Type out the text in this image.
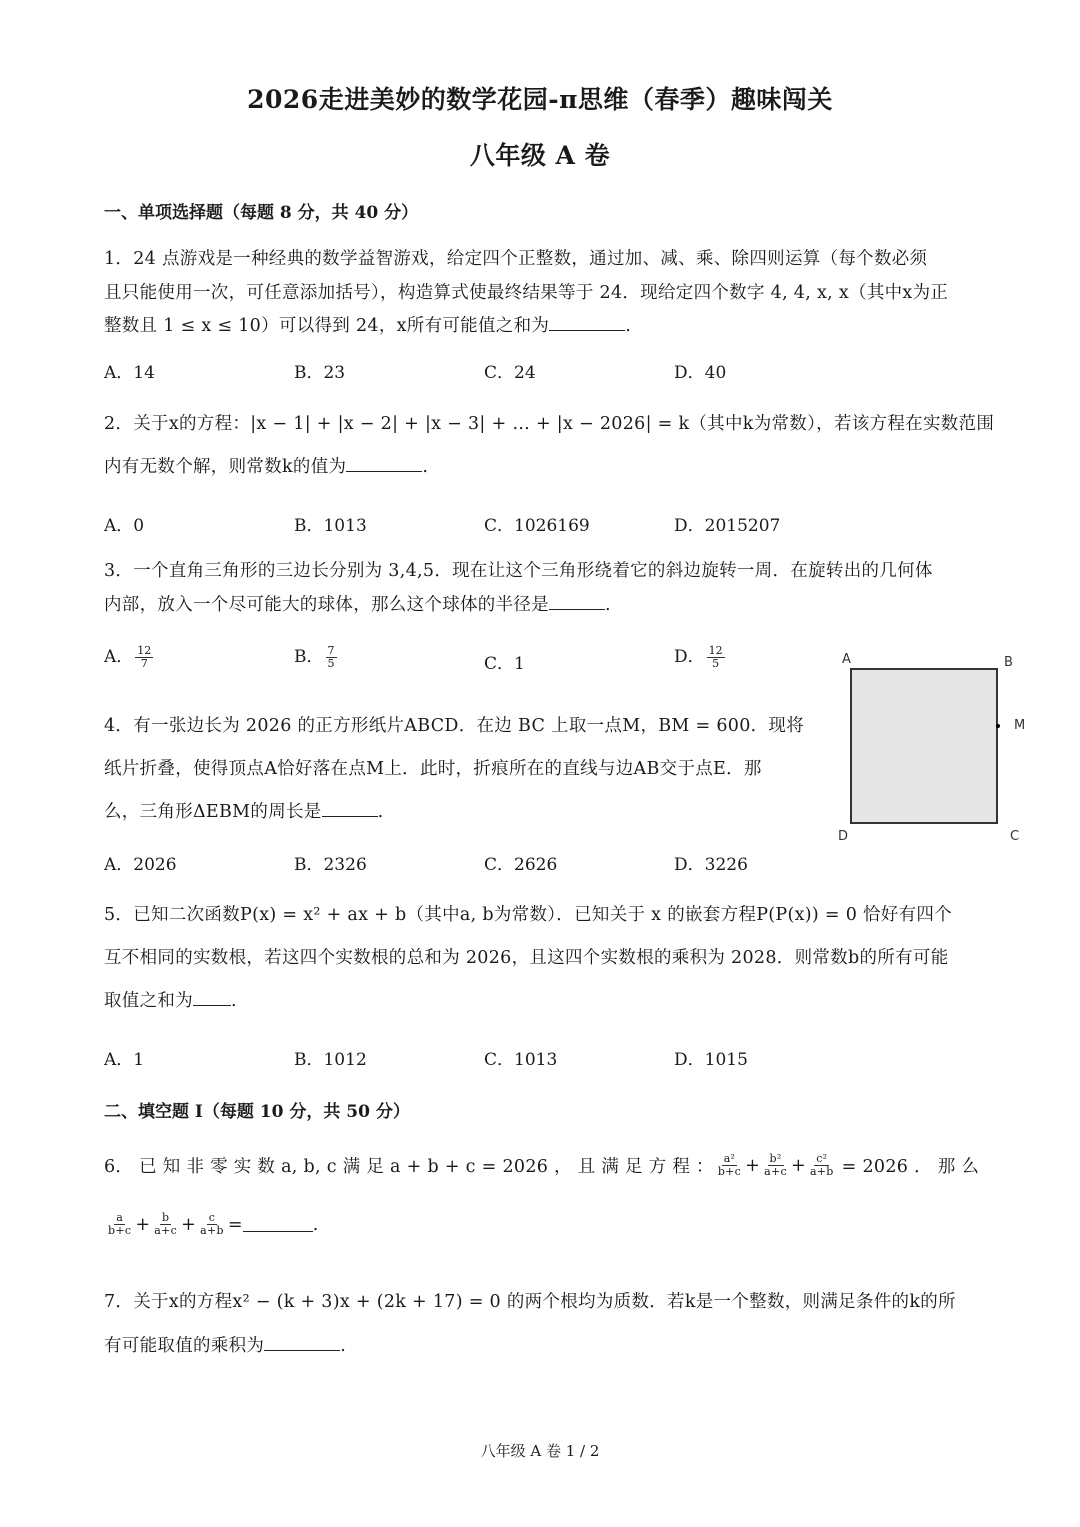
2026走进美妙的数学花园-π思维（春季）趣味闯关
八年级 A 卷
一、单项选择题（每题 8 分，共 40 分）
1．24 点游戏是一种经典的数学益智游戏，给定四个正整数，通过加、减、乘、除四则运算（每个数必须
且只能使用一次，可任意添加括号），构造算式使最终结果等于 24．现给定四个数字 4, 4, x, x（其中x为正
整数且 1 ≤ x ≤ 10）可以得到 24，x所有可能值之和为	.
A．14	B．23	C．24	D．40
2．关于x的方程：|x − 1| + |x − 2| + |x − 3| + … + |x − 2026| = k（其中k为常数），若该方程在实数范围
内有无数个解，则常数k的值为	.
A．0	B．1013	C．1026169	D．2015207
3．一个直角三角形的三边长分别为 3,4,5．现在让这个三角形绕着它的斜边旋转一周．在旋转出的几何体
内部，放入一个尽可能大的球体，那么这个球体的半径是	.
A． $\frac{12}{7}$	B． $\frac{7}{5}$	C．1	D． $\frac{12}{5}$	A	B
M
D	C
4．有一张边长为 2026 的正方形纸片ABCD．在边 BC 上取一点M，BM = 600．现将
纸片折叠，使得顶点A恰好落在点M上．此时，折痕所在的直线与边AB交于点E．那
么，三角形ΔEBM的周长是	.
A．2026	B．2326	C．2626	D．3226
5．已知二次函数P(x) = x² + ax + b（其中a, b为常数）．已知关于 x 的嵌套方程P(P(x)) = 0 恰好有四个
互不相同的实数根，若这四个实数根的总和为 2026，且这四个实数根的乘积为 2028．则常数b的所有可能
取值之和为 .
A．1	B．1012	C．1013	D．1015
二、填空题 I（每题 10 分，共 50 分）
6． 已 知 非 零 实 数 a, b, c 满 足 a + b + c = 2026 ， 且 满 足 方 程 ： $\frac{\text{a²}}{b+c} + \frac{\text{b²}}{a+c} + \frac{\text{c²}}{a+b} = 2026$ ． 那 么
$\frac{a}{b+c} + \frac{b}{a+c} + \frac{c}{a+b}$ =	.
7．关于x的方程x² − (k + 3)x + (2k + 17) = 0 的两个根均为质数．若k是一个整数，则满足条件的k的所
有可能取值的乘积为	.
八年级 A 卷 1 / 2
